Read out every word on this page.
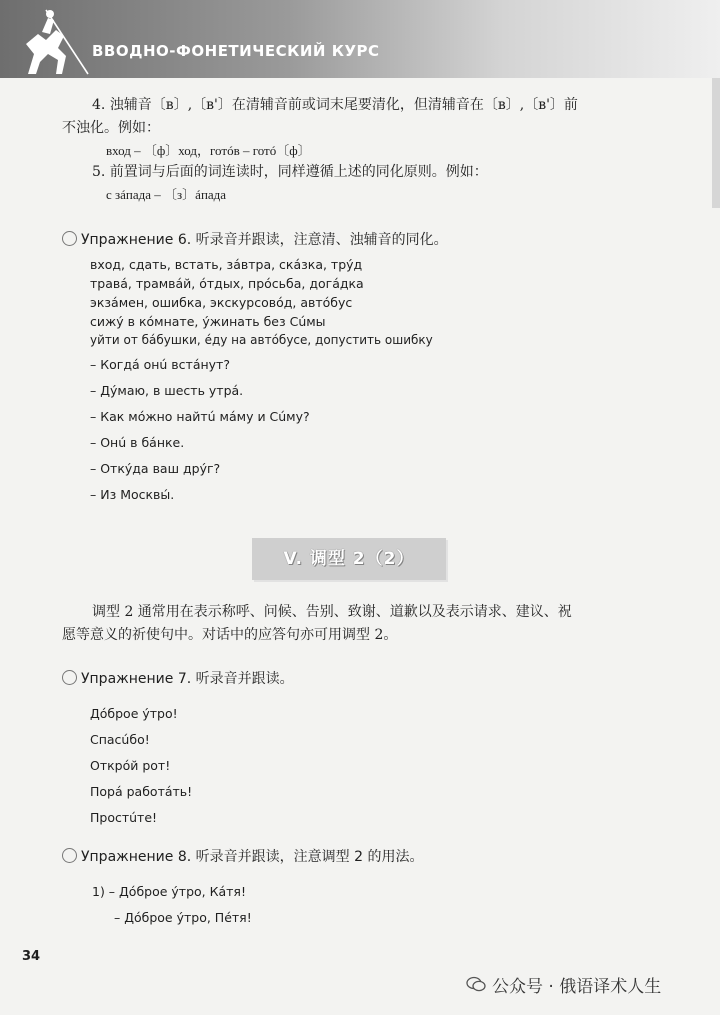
ВВОДНО-ФОНЕТИЧЕСКИЙ КУРС
4. 浊辅音〔в〕,〔в'〕在清辅音前或词末尾要清化，但清辅音在〔в〕,〔в'〕前
不浊化。例如：
вход – 〔ф〕ход，готóв – готó〔ф〕
5. 前置词与后面的词连读时，同样遵循上述的同化原则。例如：
с зáпада – 〔з〕áпада
Упражнение 6. 听录音并跟读，注意清、浊辅音的同化。
вход, сдать, встать, зáвтра, скáзка, трýд
травá, трамвáй, óтдых, прóсьба, догáдка
экзáмен, ошибка, экскурсовóд, автóбус
сижý в кóмнате, ýжинать без Сúмы
уйти от бáбушки, éду на автóбусе, допустить ошибку
– Когдá онú встáнут?
– Дýмаю, в шесть утрá.
– Как мóжно найтú мáму и Сúму?
– Онú в бáнке.
– Откýда ваш дрýг?
– Из Москвы́.
V. 调型 2（2）
调型 2 通常用在表示称呼、问候、告别、致谢、道歉以及表示请求、建议、祝
愿等意义的祈使句中。对话中的应答句亦可用调型 2。
Упражнение 7. 听录音并跟读。
Дóброе ýтро!
Спасúбо!
Открóй рот!
Порá работáть!
Простúте!
Упражнение 8. 听录音并跟读，注意调型 2 的用法。
1) – Дóброе ýтро, Кáтя!
– Дóброе ýтро, Пéтя!
34
公众号 · 俄语译术人生
